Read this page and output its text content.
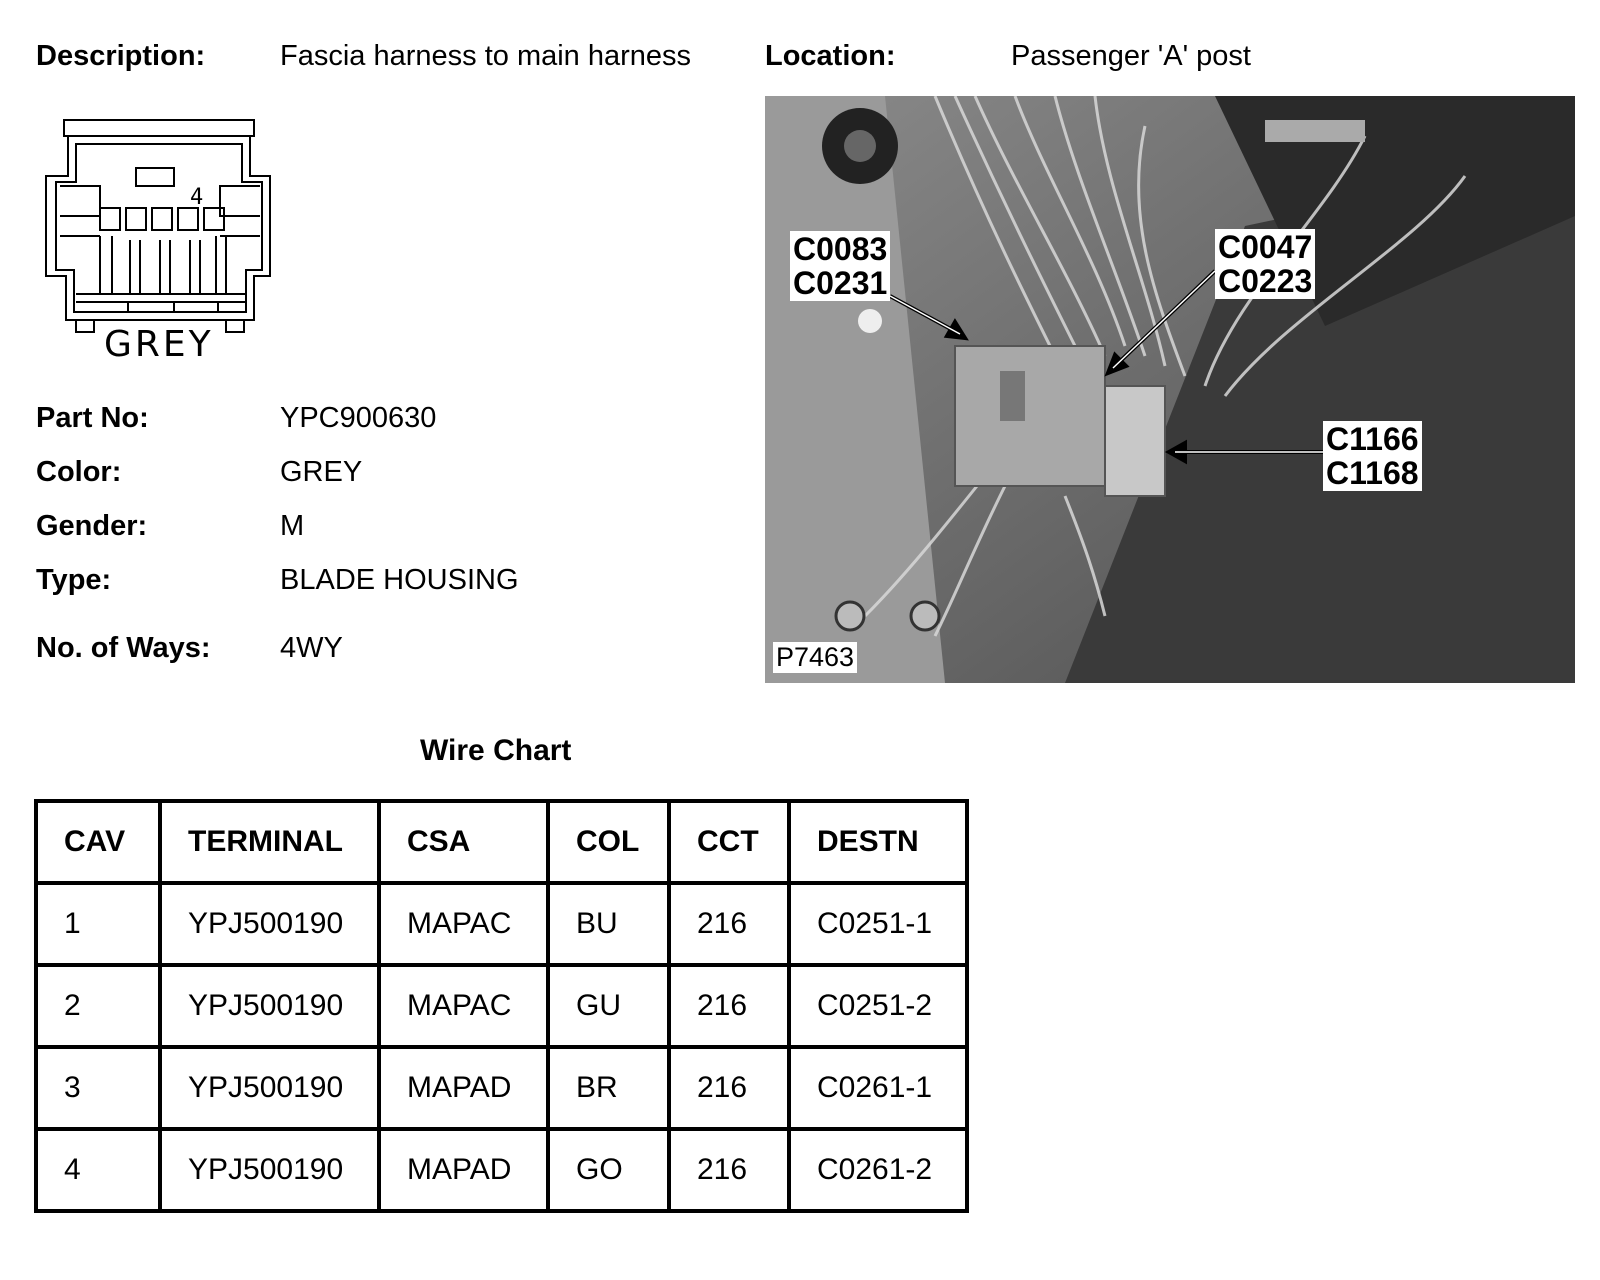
Description:	Fascia harness to main harness	Location:	Passenger 'A' post
4
GREY
Part No:	YPC900630
Color:	GREY
Gender:	M
Type:	BLADE HOUSING
No. of Ways: 4WY
C0083
C0231
C0047
C0223
C1166
C1168
P7463
Wire Chart
CAV	TERMINAL	CSA	COL	CCT	DESTN
1	YPJ500190	MAPAC	BU	216	C0251-1
2	YPJ500190	MAPAC	GU	216	C0251-2
3	YPJ500190	MAPAD	BR	216	C0261-1
4	YPJ500190	MAPAD	GO	216	C0261-2
